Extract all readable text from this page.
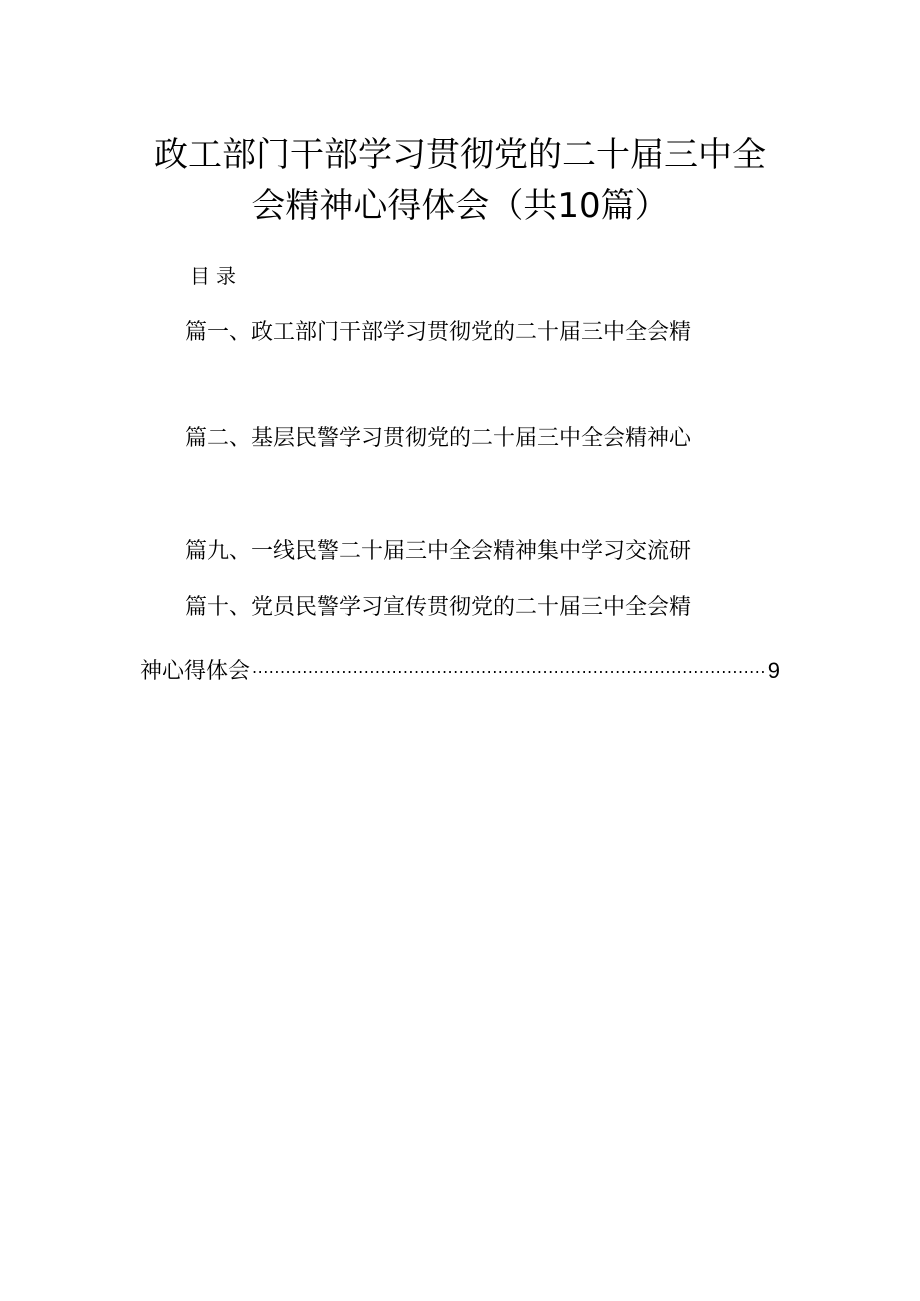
政工部门干部学习贯彻党的二十届三中全
会精神心得体会（共10篇）
目录
篇一、政工部门干部学习贯彻党的二十届三中全会精
篇二、基层民警学习贯彻党的二十届三中全会精神心
篇九、一线民警二十届三中全会精神集中学习交流研
篇十、党员民警学习宣传贯彻党的二十届三中全会精
神心得体会
.....	9
